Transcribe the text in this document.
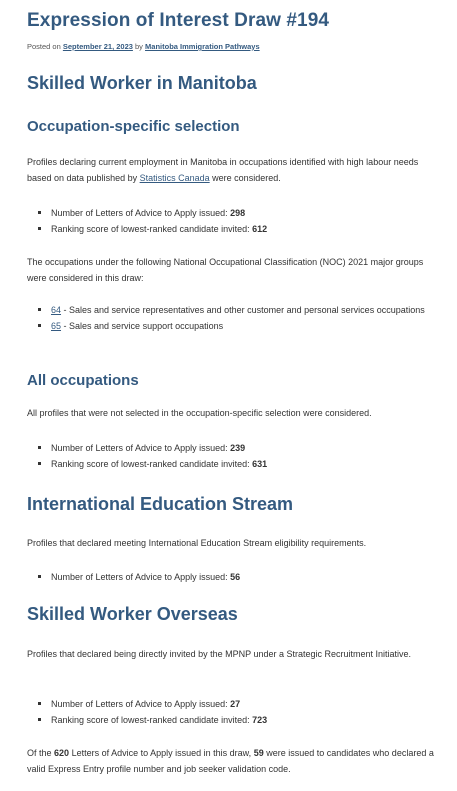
Expression of Interest Draw #194
Posted on September 21, 2023 by Manitoba Immigration Pathways
Skilled Worker in Manitoba
Occupation-specific selection

Profiles declaring current employment in Manitoba in occupations identified with high labour needs based on data published by Statistics Canada were considered.

Number of Letters of Advice to Apply issued: 298
Ranking score of lowest-ranked candidate invited: 612

The occupations under the following National Occupational Classification (NOC) 2021 major groups were considered in this draw:

64 - Sales and service representatives and other customer and personal services occupations
65 - Sales and service support occupations
All occupations

All profiles that were not selected in the occupation-specific selection were considered.

Number of Letters of Advice to Apply issued: 239
Ranking score of lowest-ranked candidate invited: 631
International Education Stream

Profiles that declared meeting International Education Stream eligibility requirements.

Number of Letters of Advice to Apply issued: 56
Skilled Worker Overseas

Profiles that declared being directly invited by the MPNP under a Strategic Recruitment Initiative.

Number of Letters of Advice to Apply issued: 27
Ranking score of lowest-ranked candidate invited: 723

Of the 620 Letters of Advice to Apply issued in this draw, 59 were issued to candidates who declared a valid Express Entry profile number and job seeker validation code.
